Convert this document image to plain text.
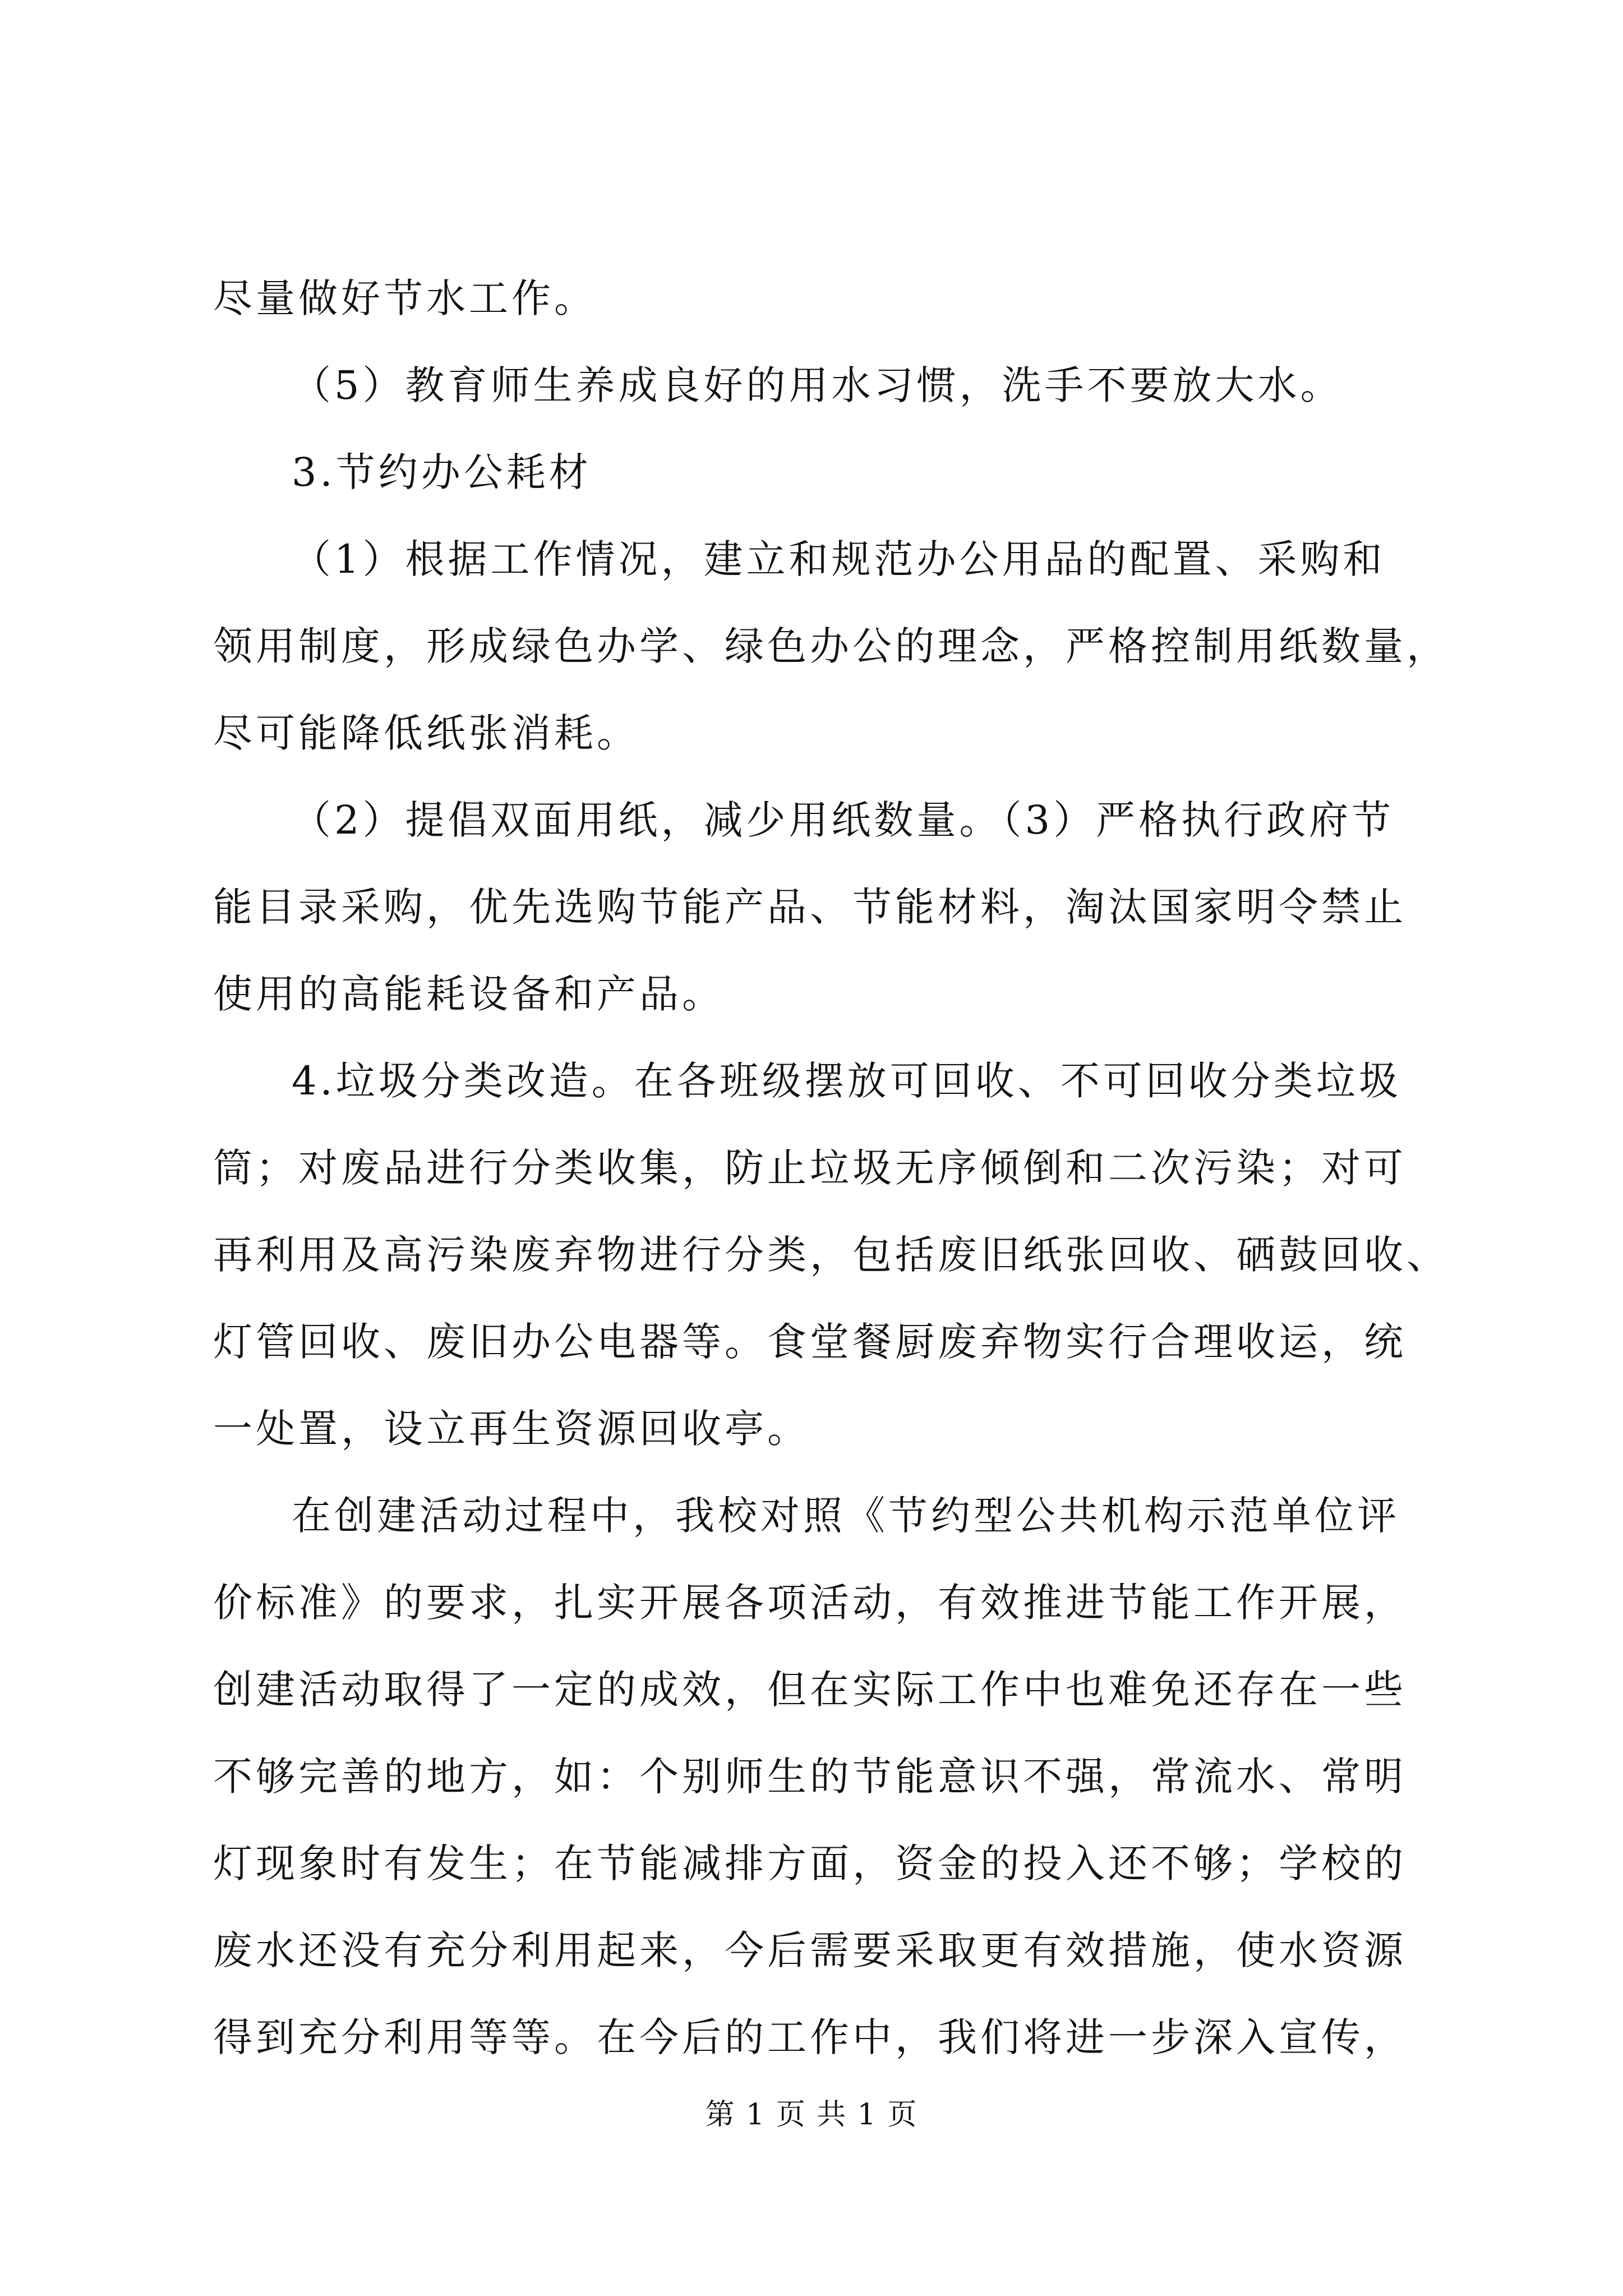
尽量做好节水工作。
（5）教育师生养成良好的用水习惯，洗手不要放大水。
3.节约办公耗材
（1）根据工作情况，建立和规范办公用品的配置、采购和
领用制度，形成绿色办学、绿色办公的理念，严格控制用纸数量，
尽可能降低纸张消耗。
（2）提倡双面用纸，减少用纸数量。（3）严格执行政府节
能目录采购，优先选购节能产品、节能材料，淘汰国家明令禁止
使用的高能耗设备和产品。
4.垃圾分类改造。在各班级摆放可回收、不可回收分类垃圾
筒；对废品进行分类收集，防止垃圾无序倾倒和二次污染；对可
再利用及高污染废弃物进行分类，包括废旧纸张回收、硒鼓回收、
灯管回收、废旧办公电器等。食堂餐厨废弃物实行合理收运，统
一处置，设立再生资源回收亭。
在创建活动过程中，我校对照《节约型公共机构示范单位评
价标准》的要求，扎实开展各项活动，有效推进节能工作开展，
创建活动取得了一定的成效，但在实际工作中也难免还存在一些
不够完善的地方，如：个别师生的节能意识不强，常流水、常明
灯现象时有发生；在节能减排方面，资金的投入还不够；学校的
废水还没有充分利用起来，今后需要采取更有效措施，使水资源
得到充分利用等等。在今后的工作中，我们将进一步深入宣传，
第 1 页 共 1 页
